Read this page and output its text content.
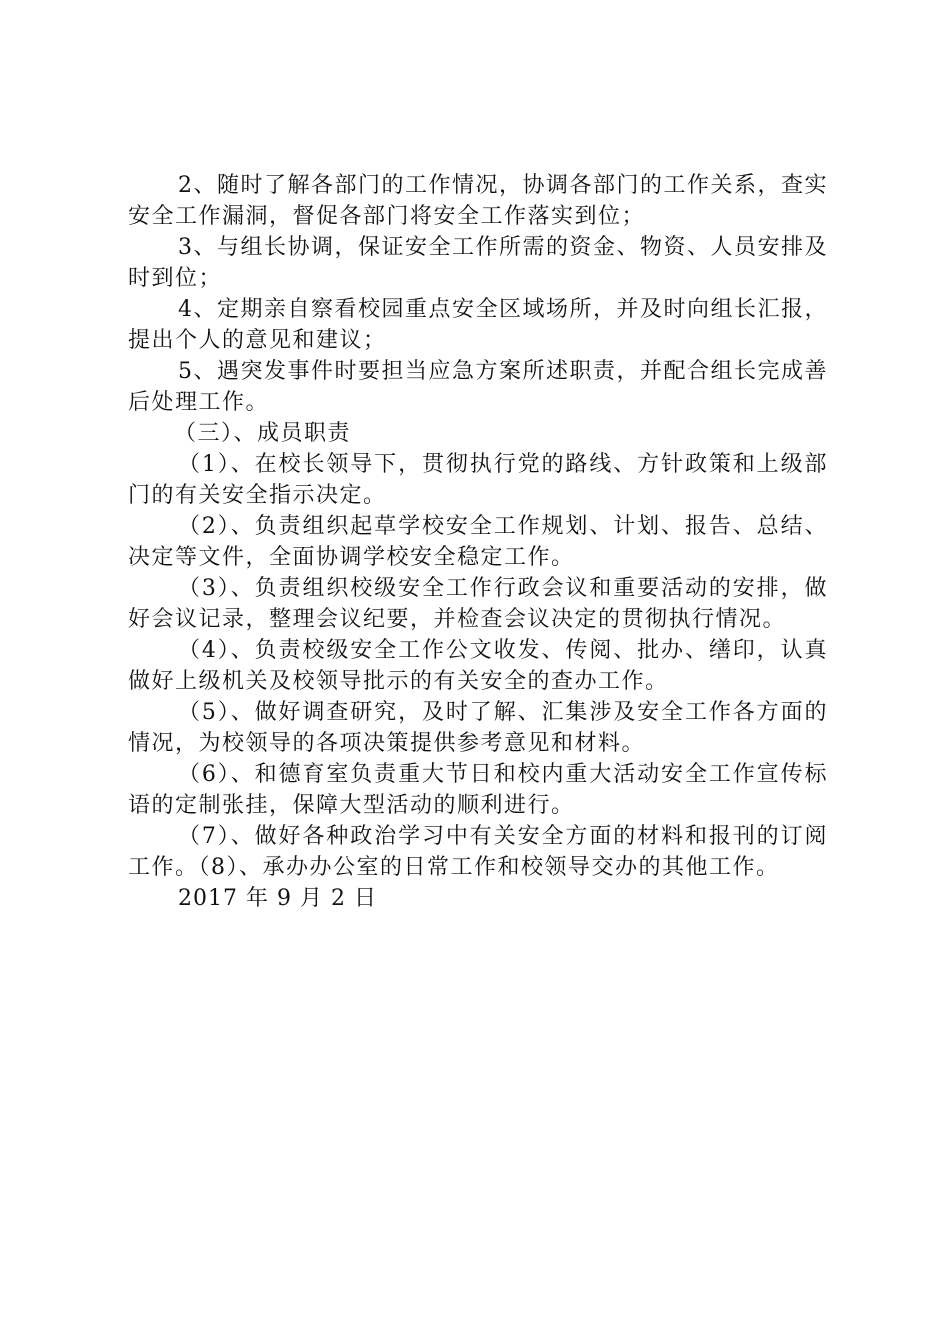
2、随时了解各部门的工作情况，协调各部门的工作关系，查实安全工作漏洞，督促各部门将安全工作落实到位；

3、与组长协调，保证安全工作所需的资金、物资、人员安排及时到位；

4、定期亲自察看校园重点安全区域场所，并及时向组长汇报，提出个人的意见和建议；

5、遇突发事件时要担当应急方案所述职责，并配合组长完成善后处理工作。

（三）、成员职责

（1）、在校长领导下，贯彻执行党的路线、方针政策和上级部门的有关安全指示决定。

（2）、负责组织起草学校安全工作规划、计划、报告、总结、决定等文件，全面协调学校安全稳定工作。

（3）、负责组织校级安全工作行政会议和重要活动的安排，做好会议记录，整理会议纪要，并检查会议决定的贯彻执行情况。

（4）、负责校级安全工作公文收发、传阅、批办、缮印，认真做好上级机关及校领导批示的有关安全的查办工作。

（5）、做好调查研究，及时了解、汇集涉及安全工作各方面的情况，为校领导的各项决策提供参考意见和材料。

（6）、和德育室负责重大节日和校内重大活动安全工作宣传标语的定制张挂，保障大型活动的顺利进行。

（7）、做好各种政治学习中有关安全方面的材料和报刊的订阅工作。（8）、承办办公室的日常工作和校领导交办的其他工作。

2017 年 9 月 2 日
